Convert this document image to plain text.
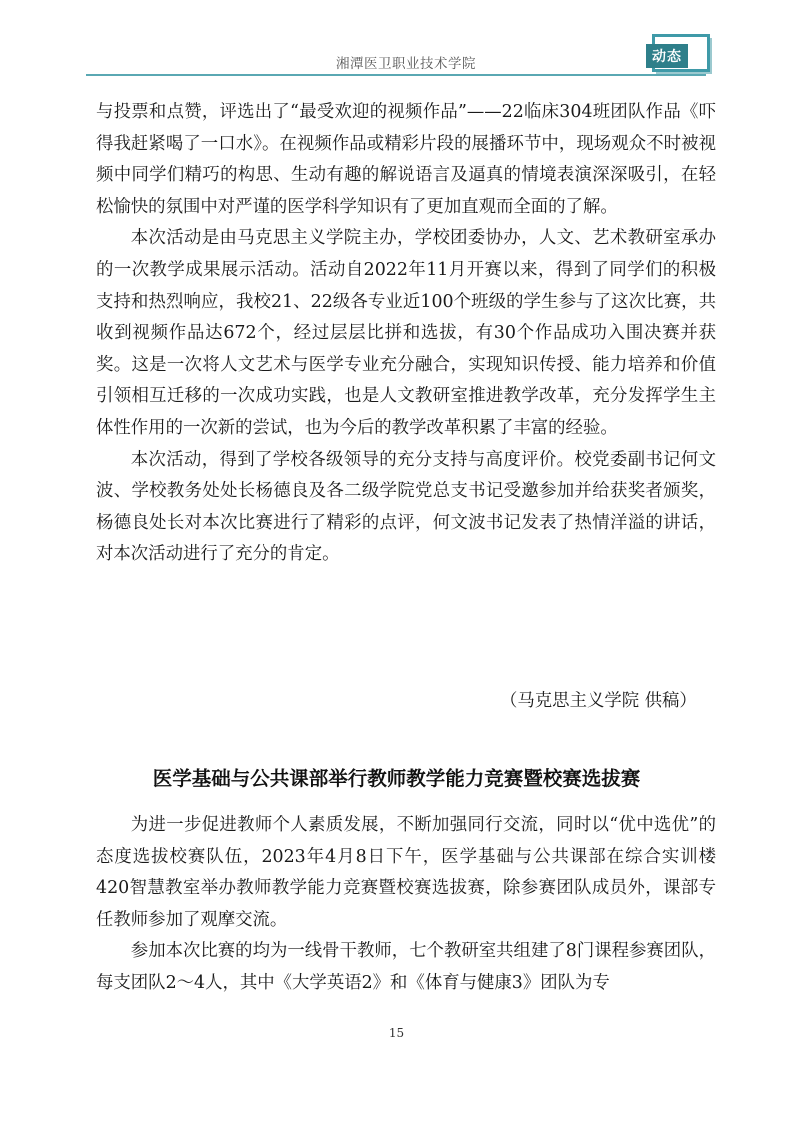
湘潭医卫职业技术学院	动态

与投票和点赞，评选出了“最受欢迎的视频作品”——22临床304班团队作品《吓得我赶紧喝了一口水》。在视频作品或精彩片段的展播环节中，现场观众不时被视频中同学们精巧的构思、生动有趣的解说语言及逼真的情境表演深深吸引，在轻松愉快的氛围中对严谨的医学科学知识有了更加直观而全面的了解。

本次活动是由马克思主义学院主办，学校团委协办，人文、艺术教研室承办的一次教学成果展示活动。活动自2022年11月开赛以来，得到了同学们的积极支持和热烈响应，我校21、22级各专业近100个班级的学生参与了这次比赛，共收到视频作品达672个，经过层层比拼和选拔，有30个作品成功入围决赛并获奖。这是一次将人文艺术与医学专业充分融合，实现知识传授、能力培养和价值引领相互迁移的一次成功实践，也是人文教研室推进教学改革，充分发挥学生主体性作用的一次新的尝试，也为今后的教学改革积累了丰富的经验。

本次活动，得到了学校各级领导的充分支持与高度评价。校党委副书记何文波、学校教务处处长杨德良及各二级学院党总支书记受邀参加并给获奖者颁奖，杨德良处长对本次比赛进行了精彩的点评，何文波书记发表了热情洋溢的讲话，对本次活动进行了充分的肯定。

（马克思主义学院 供稿）
医学基础与公共课部举行教师教学能力竞赛暨校赛选拔赛

为进一步促进教师个人素质发展，不断加强同行交流，同时以“优中选优”的态度选拔校赛队伍，2023年4月8日下午，医学基础与公共课部在综合实训楼420智慧教室举办教师教学能力竞赛暨校赛选拔赛，除参赛团队成员外，课部专任教师参加了观摩交流。

参加本次比赛的均为一线骨干教师，七个教研室共组建了8门课程参赛团队，每支团队2～4人，其中《大学英语2》和《体育与健康3》团队为专

15
